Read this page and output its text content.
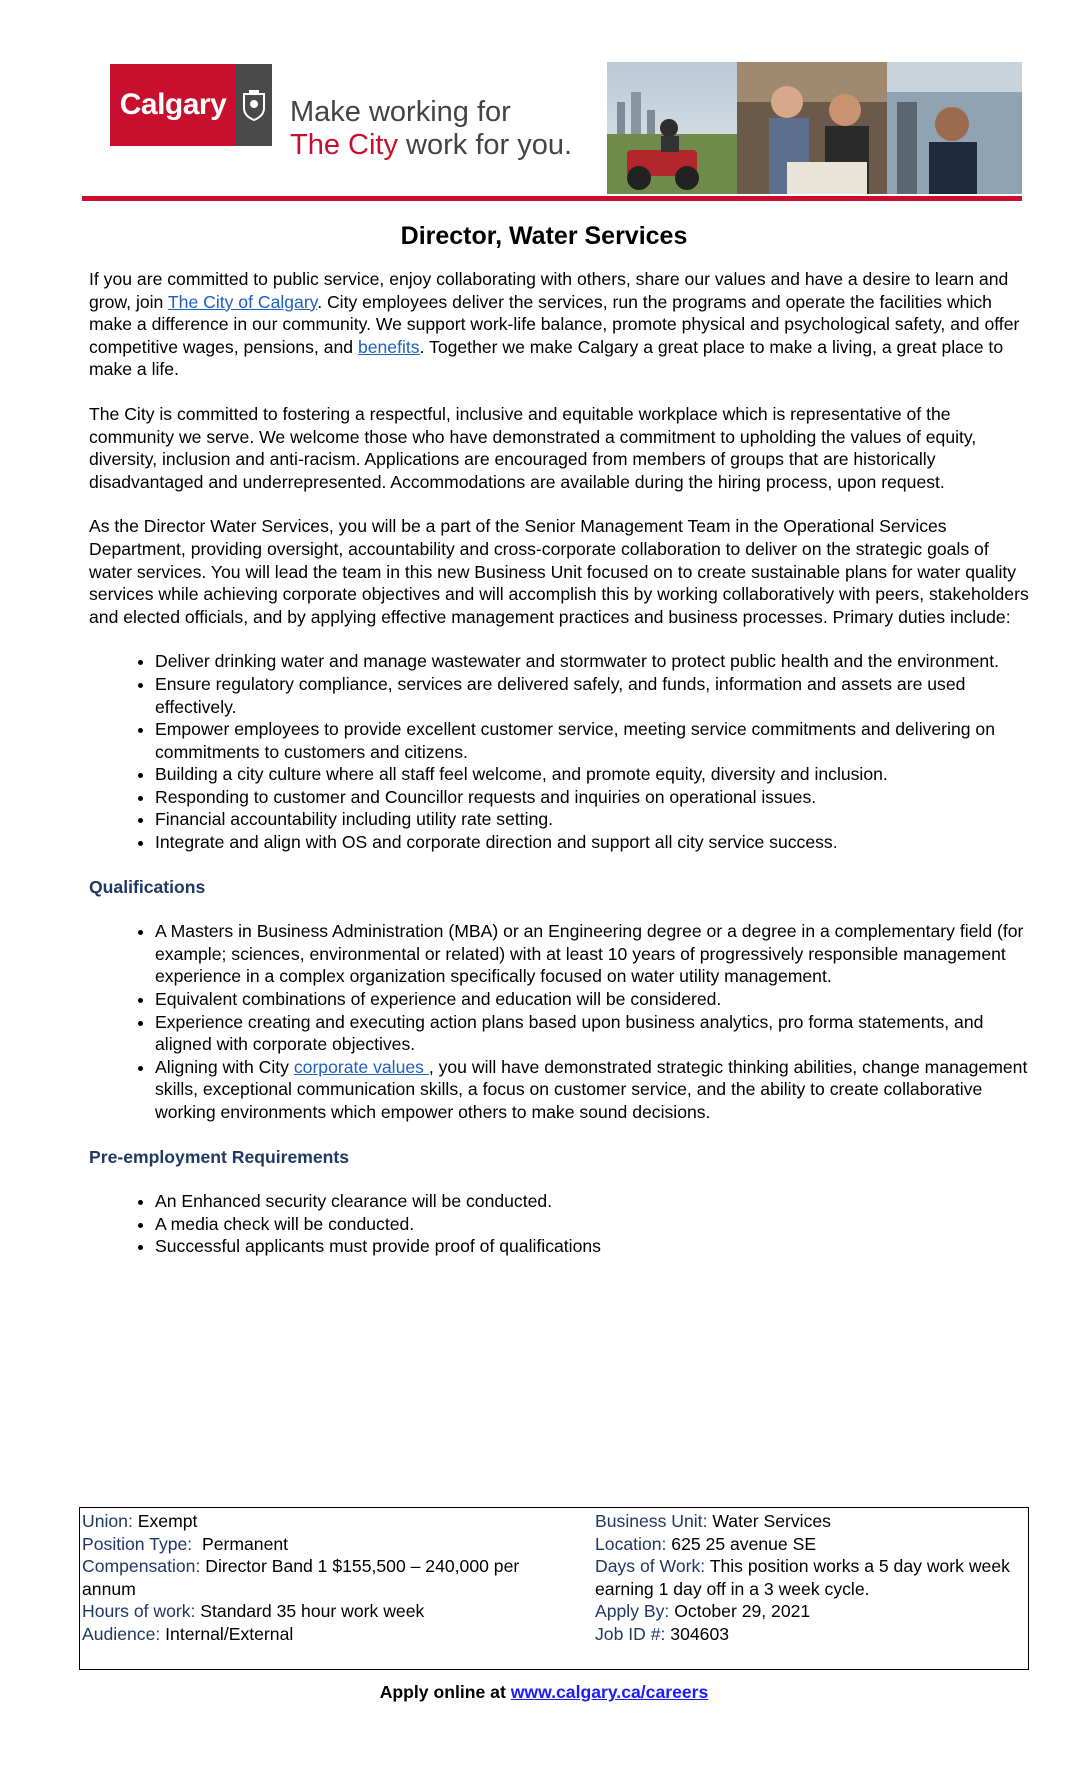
Calgary Make working for
The City work for you.
Director, Water Services

If you are committed to public service, enjoy collaborating with others, share our values and have a desire to learn and grow, join The City of Calgary. City employees deliver the services, run the programs and operate the facilities which make a difference in our community. We support work-life balance, promote physical and psychological safety, and offer competitive wages, pensions, and benefits. Together we make Calgary a great place to make a living, a great place to make a life.

The City is committed to fostering a respectful, inclusive and equitable workplace which is representative of the community we serve. We welcome those who have demonstrated a commitment to upholding the values of equity, diversity, inclusion and anti-racism. Applications are encouraged from members of groups that are historically disadvantaged and underrepresented. Accommodations are available during the hiring process, upon request.

As the Director Water Services, you will be a part of the Senior Management Team in the Operational Services Department, providing oversight, accountability and cross-corporate collaboration to deliver on the strategic goals of water services. You will lead the team in this new Business Unit focused on to create sustainable plans for water quality services while achieving corporate objectives and will accomplish this by working collaboratively with peers, stakeholders and elected officials, and by applying effective management practices and business processes. Primary duties include:

• Deliver drinking water and manage wastewater and stormwater to protect public health and the environment.
• Ensure regulatory compliance, services are delivered safely, and funds, information and assets are used effectively.
• Empower employees to provide excellent customer service, meeting service commitments and delivering on commitments to customers and citizens.
• Building a city culture where all staff feel welcome, and promote equity, diversity and inclusion.
• Responding to customer and Councillor requests and inquiries on operational issues.
• Financial accountability including utility rate setting.
• Integrate and align with OS and corporate direction and support all city service success.
Qualifications
• A Masters in Business Administration (MBA) or an Engineering degree or a degree in a complementary field (for example; sciences, environmental or related) with at least 10 years of progressively responsible management experience in a complex organization specifically focused on water utility management.
• Equivalent combinations of experience and education will be considered.
• Experience creating and executing action plans based upon business analytics, pro forma statements, and aligned with corporate objectives.
• Aligning with City corporate values , you will have demonstrated strategic thinking abilities, change management skills, exceptional communication skills, a focus on customer service, and the ability to create collaborative working environments which empower others to make sound decisions.
Pre-employment Requirements
• An Enhanced security clearance will be conducted.
• A media check will be conducted.
• Successful applicants must provide proof of qualifications
Union: Exempt
Position Type:  Permanent
Compensation: Director Band 1 $155,500 – 240,000 per annum
Hours of work: Standard 35 hour work week
Audience: Internal/External
Business Unit: Water Services
Location: 625 25 avenue SE
Days of Work: This position works a 5 day work week earning 1 day off in a 3 week cycle.
Apply By: October 29, 2021
Job ID #: 304603
Apply online at www.calgary.ca/careers
